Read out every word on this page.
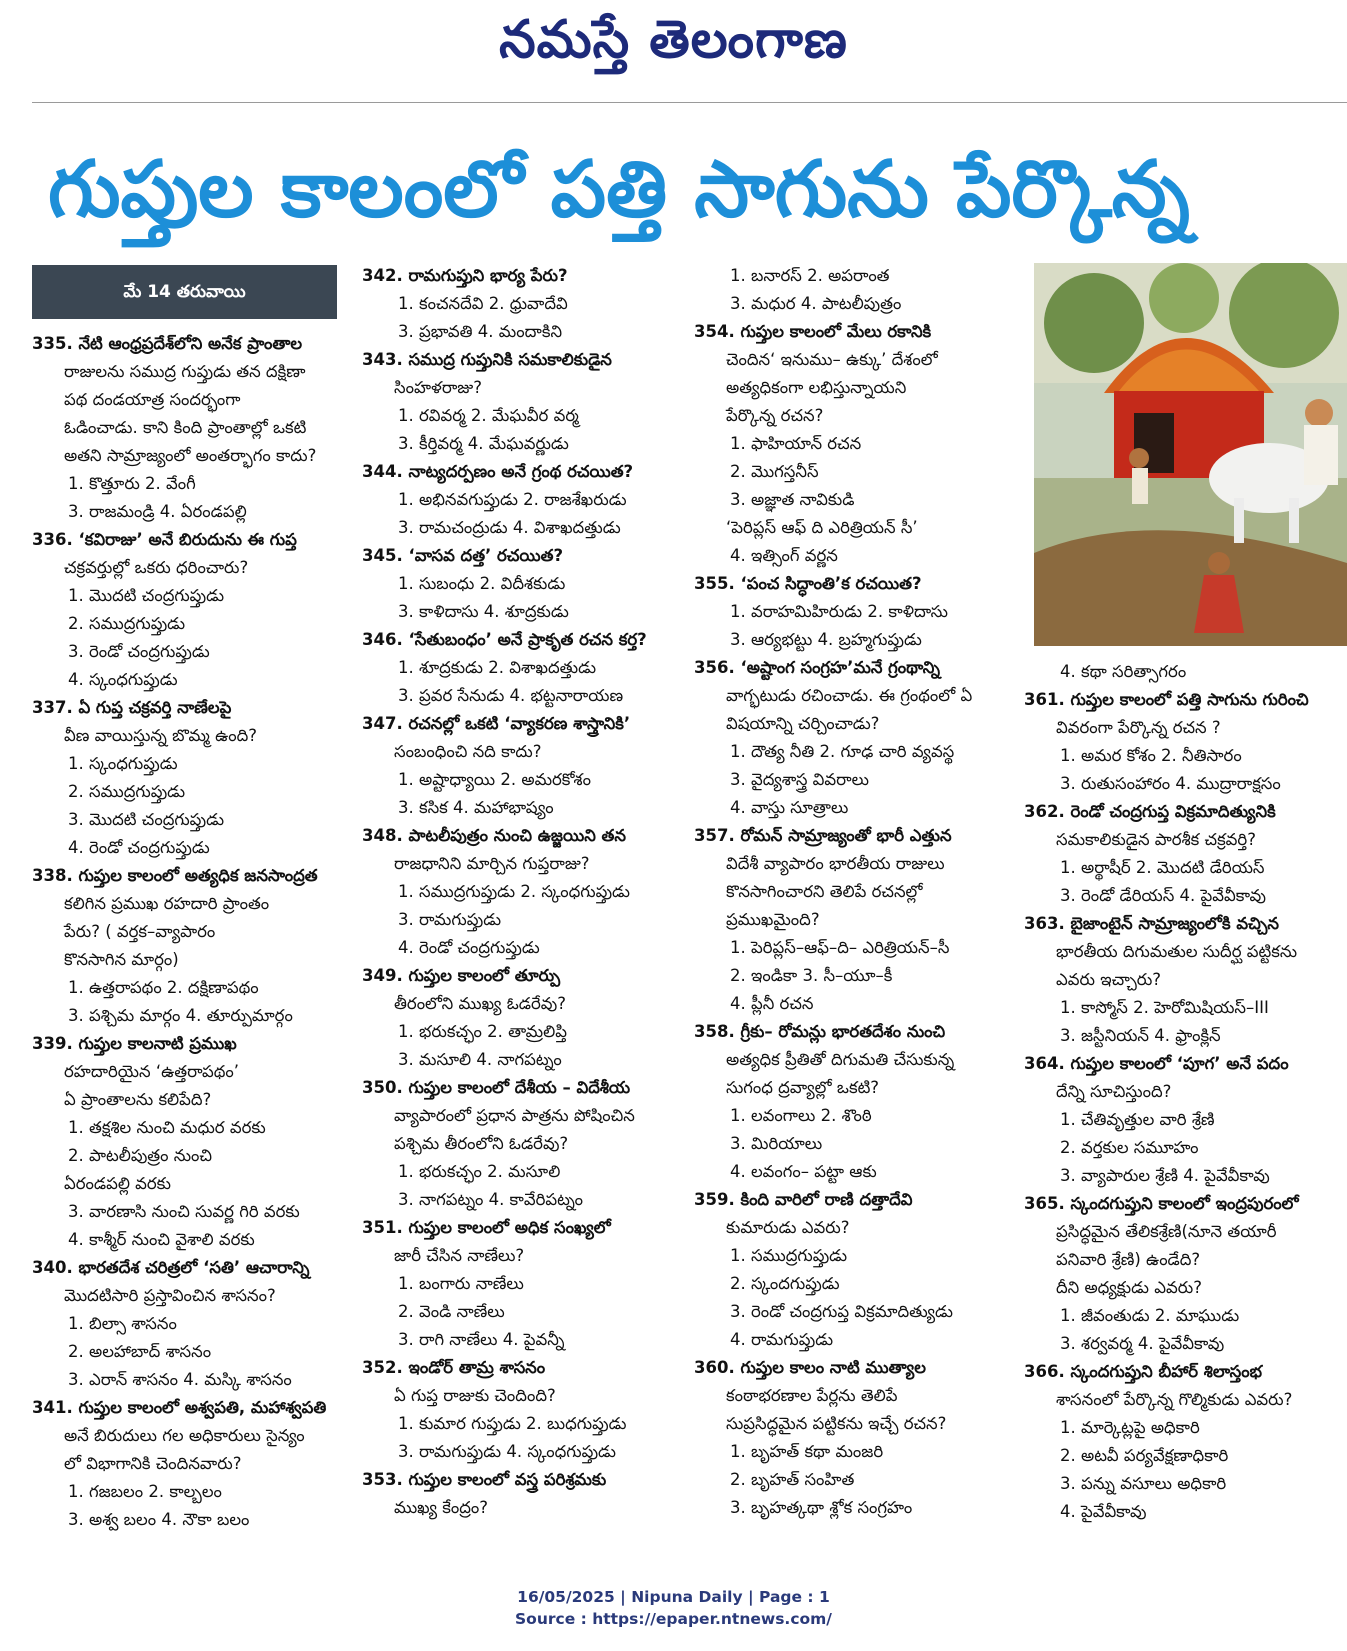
నమస్తే తెలంగాణ
గుప్తుల కాలంలో పత్తి సాగును పేర్కొన్న
మే 14 తరువాయి
335. నేటి ఆంధ్రప్రదేశ్‌లోని అనేక ప్రాంతాల
రాజులను సముద్ర గుప్తుడు తన దక్షిణా
పథ దండయాత్ర సందర్భంగా
ఓడించాడు. కాని కింది ప్రాంతాల్లో ఒకటి
అతని సామ్రాజ్యంలో అంతర్భాగం కాదు?
1. కొత్తూరు 2. వేంగీ
3. రాజమండ్రి 4. ఏరండపల్లి
336. ‘కవిరాజు’ అనే బిరుదును ఈ గుప్త
చక్రవర్తుల్లో ఒకరు ధరించారు?
1. మొదటి చంద్రగుప్తుడు
2. సముద్రగుప్తుడు
3. రెండో చంద్రగుప్తుడు
4. స్కంధగుప్తుడు
337. ఏ గుప్త చక్రవర్తి నాణేలపై
వీణ వాయిస్తున్న బొమ్మ ఉంది?
1. స్కంధగుప్తుడు
2. సముద్రగుప్తుడు
3. మొదటి చంద్రగుప్తుడు
4. రెండో చంద్రగుప్తుడు
338. గుప్తుల కాలంలో అత్యధిక జనసాంద్రత
కలిగిన ప్రముఖ రహదారి ప్రాంతం
పేరు? ( వర్తక–వ్యాపారం
కొనసాగిన మార్గం)
1. ఉత్తరాపథం 2. దక్షిణాపథం
3. పశ్చిమ మార్గం 4. తూర్పుమార్గం
339. గుప్తుల కాలనాటి ప్రముఖ
రహదారియైన ‘ఉత్తరాపథం’
ఏ ప్రాంతాలను కలిపేది?
1. తక్షశిల నుంచి మధుర వరకు
2. పాటలీపుత్రం నుంచి
ఏరండపల్లి వరకు
3. వారణాసి నుంచి సువర్ణ గిరి వరకు
4. కాశ్మీర్ నుంచి వైశాలి వరకు
340. భారతదేశ చరిత్రలో ‘సతి’ ఆచారాన్ని
మొదటిసారి ప్రస్తావించిన శాసనం?
1. బిల్సా శాసనం
2. అలహాబాద్ శాసనం
3. ఎరాన్ శాసనం 4. మస్కి శాసనం
341. గుప్తుల కాలంలో అశ్వపతి, మహాశ్వపతి
అనే బిరుదులు గల అధికారులు సైన్యం
లో విభాగానికి చెందినవారు?
1. గజబలం 2. కాల్బలం
3. అశ్వ బలం 4. నౌకా బలం
342. రామగుప్తుని భార్య పేరు?
1. కంచనదేవి 2. ధ్రువాదేవి
3. ప్రభావతి 4. మందాకిని
343. సముద్ర గుప్తునికి సమకాలికుడైన
సింహళరాజు?
1. రవివర్మ 2. మేఘవీర వర్మ
3. కీర్తివర్మ 4. మేఘవర్ణుడు
344. నాట్యదర్పణం అనే గ్రంథ రచయిత?
1. అభినవగుప్తుడు 2. రాజశేఖరుడు
3. రామచంద్రుడు 4. విశాఖదత్తుడు
345. ‘వాసవ దత్త’ రచయిత?
1. సుబంధు 2. విదీశకుడు
3. కాళిదాసు 4. శూద్రకుడు
346. ‘సేతుబంధం’ అనే ప్రాకృత రచన కర్త?
1. శూద్రకుడు 2. విశాఖదత్తుడు
3. ప్రవర సేనుడు 4. భట్టనారాయణ
347. రచనల్లో ఒకటి ‘వ్యాకరణ శాస్త్రానికి’
సంబంధించి నది కాదు?
1. అష్టాధ్యాయి 2. అమరకోశం
3. కసిక 4. మహాభాష్యం
348. పాటలీపుత్రం నుంచి ఉజ్జయిని తన
రాజధానిని మార్చిన గుప్తరాజు?
1. సముద్రగుప్తుడు 2. స్కంధగుప్తుడు
3. రామగుప్తుడు
4. రెండో చంద్రగుప్తుడు
349. గుప్తుల కాలంలో తూర్పు
తీరంలోని ముఖ్య ఓడరేవు?
1. భరుకచ్ఛం 2. తామ్రలిప్తి
3. మసూలి 4. నాగపట్నం
350. గుప్తుల కాలంలో దేశీయ – విదేశీయ
వ్యాపారంలో ప్రధాన పాత్రను పోషించిన
పశ్చిమ తీరంలోని ఓడరేవు?
1. భరుకచ్ఛం 2. మసూలి
3. నాగపట్నం 4. కావేరిపట్నం
351. గుప్తుల కాలంలో అధిక సంఖ్యలో
జారీ చేసిన నాణేలు?
1. బంగారు నాణేలు
2. వెండి నాణేలు
3. రాగి నాణేలు 4. పైవన్నీ
352. ఇండోర్ తామ్ర శాసనం
ఏ గుప్త రాజుకు చెందింది?
1. కుమార గుప్తుడు 2. బుధగుప్తుడు
3. రామగుప్తుడు 4. స్కంధగుప్తుడు
353. గుప్తుల కాలంలో వస్త్ర పరిశ్రమకు
ముఖ్య కేంద్రం?
1. బనారస్ 2. అపరాంత
3. మధుర 4. పాటలీపుత్రం
354. గుప్తుల కాలంలో మేలు రకానికి
చెందిన‘ ఇనుము– ఉక్కు’ దేశంలో
అత్యధికంగా లభిస్తున్నాయని
పేర్కొన్న రచన?
1. ఫాహియాన్ రచన
2. మొగస్తనీస్
3. అజ్ఞాత నావికుడి
‘పెరిప్లస్ ఆఫ్ ది ఎరిత్రియన్ సీ’
4. ఇత్సింగ్ వర్ణన
355. ‘పంచ సిద్ధాంతి’క రచయిత?
1. వరాహమిహిరుడు 2. కాళిదాసు
3. ఆర్యభట్టు 4. బ్రహ్మగుప్తుడు
356. ‘అష్టాంగ సంగ్రహ’మనే గ్రంథాన్ని
వాగ్భటుడు రచించాడు. ఈ గ్రంథంలో ఏ
విషయాన్ని చర్చించాడు?
1. దౌత్య నీతి 2. గూఢ చారి వ్యవస్థ
3. వైద్యశాస్త్ర వివరాలు
4. వాస్తు సూత్రాలు
357. రోమన్ సామ్రాజ్యంతో భారీ ఎత్తున
విదేశీ వ్యాపారం భారతీయ రాజులు
కొనసాగించారని తెలిపే రచనల్లో
ప్రముఖమైంది?
1. పెరిప్లస్–ఆఫ్–ది– ఎరిత్రియన్–సీ
2. ఇండికా 3. సీ–యూ–కీ
4. ప్లీనీ రచన
358. గ్రీకు– రోమన్లు భారతదేశం నుంచి
అత్యధిక ప్రీతితో దిగుమతి చేసుకున్న
సుగంధ ద్రవ్యాల్లో ఒకటి?
1. లవంగాలు 2. శొంఠి
3. మిరియాలు
4. లవంగం– పట్టా ఆకు
359. కింది వారిలో రాణి దత్తాదేవి
కుమారుడు ఎవరు?
1. సముద్రగుప్తుడు
2. స్కందగుప్తుడు
3. రెండో చంద్రగుప్త విక్రమాదిత్యుడు
4. రామగుప్తుడు
360. గుప్తుల కాలం నాటి ముత్యాల
కంఠాభరణాల పేర్లను తెలిపే
సుప్రసిద్ధమైన పట్టికను ఇచ్చే రచన?
1. బృహత్ కథా మంజరి
2. బృహత్ సంహిత
3. బృహత్కథా శ్లోక సంగ్రహం
4. కథా సరిత్సాగరం
361. గుప్తుల కాలంలో పత్తి సాగును గురించి
వివరంగా పేర్కొన్న రచన ?
1. అమర కోశం 2. నీతిసారం
3. రుతుసంహారం 4. ముద్రారాక్షసం
362. రెండో చంద్రగుప్త విక్రమాదిత్యునికి
సమకాలికుడైన పారశీక చక్రవర్తి?
1. అర్థాషీర్ 2. మొదటి డేరియస్
3. రెండో డేరియస్ 4. పైవేవీకావు
363. బైజాంటైన్ సామ్రాజ్యంలోకి వచ్చిన
భారతీయ దిగుమతుల సుదీర్ఘ పట్టికను
ఎవరు ఇచ్చారు?
1. కాస్మోస్ 2. హెరోమిషియస్–III
3. జస్టీనియన్ 4. ఫ్రాంక్లిన్
364. గుప్తుల కాలంలో ‘పూగ’ అనే పదం
దేన్ని సూచిస్తుంది?
1. చేతివృత్తుల వారి శ్రేణి
2. వర్తకుల సమూహం
3. వ్యాపారుల శ్రేణి 4. పైవేవీకావు
365. స్కందగుప్తుని కాలంలో ఇంద్రపురంలో
ప్రసిద్ధమైన తేలికశ్రేణి(నూనె తయారీ
పనివారి శ్రేణి) ఉండేది?
దీని అధ్యక్షుడు ఎవరు?
1. జీవంతుడు 2. మాఘుడు
3. శర్వవర్మ 4. పైవేవీకావు
366. స్కందగుప్తుని బీహార్ శిలాస్తంభ
శాసనంలో పేర్కొన్న గొల్మికుడు ఎవరు?
1. మార్కెట్లపై అధికారి
2. అటవీ పర్యవేక్షణాధికారి
3. పన్ను వసూలు అధికారి
4. పైవేవీకావు
16/05/2025 | Nipuna Daily | Page : 1
Source : https://epaper.ntnews.com/
